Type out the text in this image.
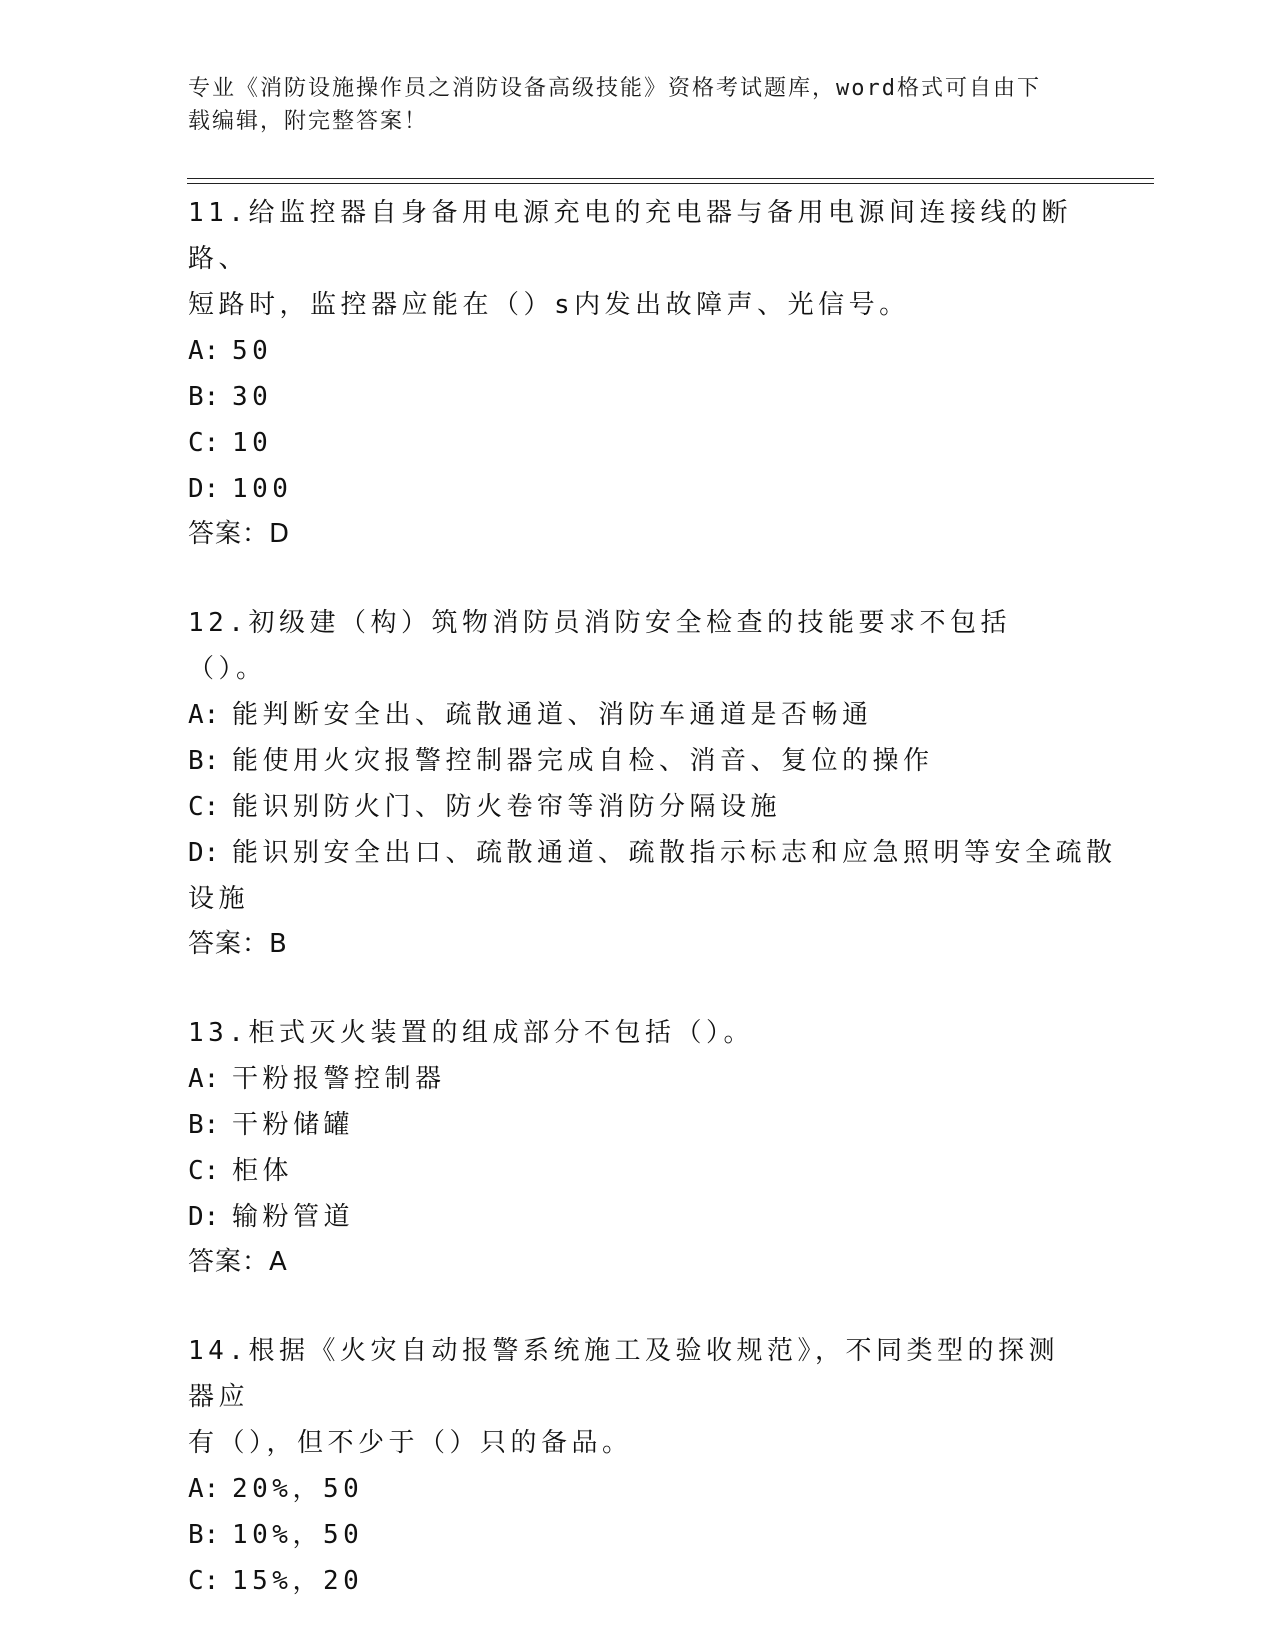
专业《消防设施操作员之消防设备高级技能》资格考试题库，word格式可自由下
载编辑，附完整答案！
11.给监控器自身备用电源充电的充电器与备用电源间连接线的断路、
短路时，监控器应能在（）s内发出故障声、光信号。
A: 50
B: 30
C: 10
D: 100
答案：D
12.初级建（构）筑物消防员消防安全检查的技能要求不包括（）。
A: 能判断安全出、疏散通道、消防车通道是否畅通
B: 能使用火灾报警控制器完成自检、消音、复位的操作
C: 能识别防火门、防火卷帘等消防分隔设施
D: 能识别安全出口、疏散通道、疏散指示标志和应急照明等安全疏散
设施
答案：B
13.柜式灭火装置的组成部分不包括（）。
A: 干粉报警控制器
B: 干粉储罐
C: 柜体
D: 输粉管道
答案：A
14.根据《火灾自动报警系统施工及验收规范》，不同类型的探测器应
有（），但不少于（）只的备品。
A: 20%，50
B: 10%，50
C: 15%，20
